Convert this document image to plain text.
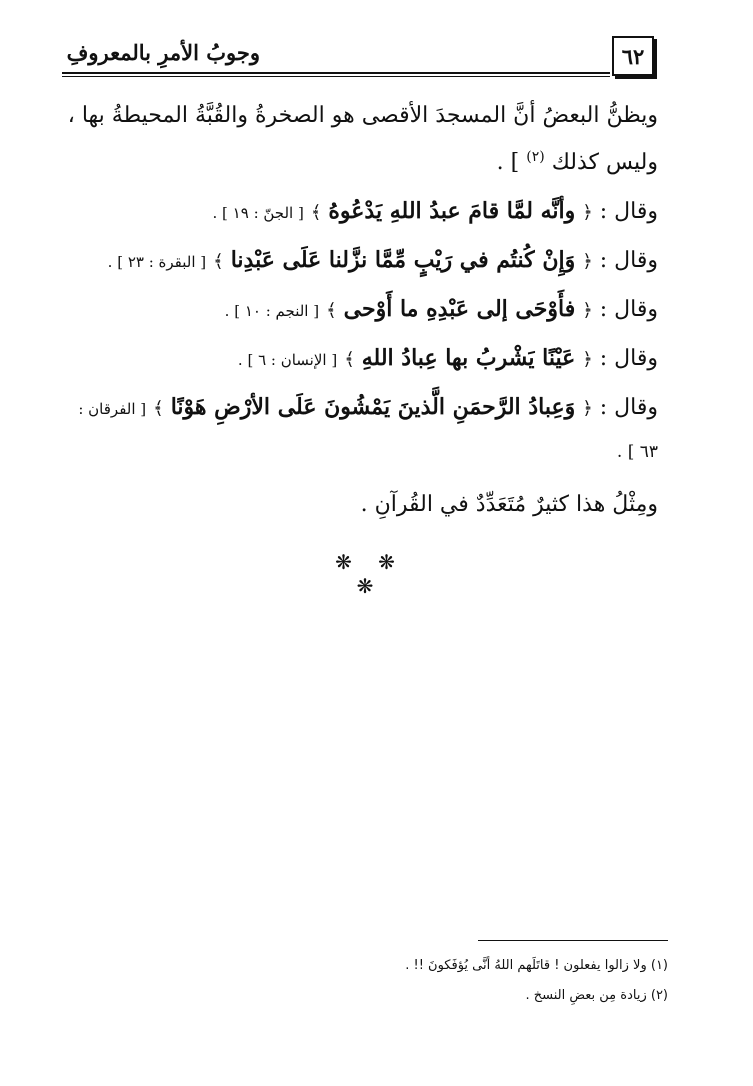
٦٢
وجوبُ الأمرِ بالمعروفِ
ويظنُّ البعضُ أنَّ المسجدَ الأقصى هو الصخرةُ والقُبَّةُ المحيطةُ بها ،
وليس كذلك $^{(٢)}$ ] .
وقال : ﴿ وأنَّه لمَّا قامَ عبدُ اللهِ يَدْعُوهُ ﴾ [ الجنّ : ١٩ ] .
وقال : ﴿ وَإِنْ كُنتُم في رَيْبٍ مِّمَّا نزَّلنا عَلَى عَبْدِنا ﴾ [ البقرة : ٢٣ ] .
وقال : ﴿ فأَوْحَى إلى عَبْدِهِ ما أَوْحى ﴾ [ النجم : ١٠ ] .
وقال : ﴿ عَيْنًا يَشْربُ بها عِبادُ اللهِ ﴾ [ الإنسان : ٦ ] .
وقال : ﴿ وَعِبادُ الرَّحمَنِ الَّذينَ يَمْشُونَ عَلَى الأرْضِ هَوْنًا ﴾ [ الفرقان :
٦٣ ] .
ومِثْلُ هذا كثيرٌ مُتَعَدِّدٌ في القُرآنِ .
❋ ❋ ❋
(١) ولا زالوا يفعلون ! قاتَلَهم اللهُ أنَّى يُؤفَكونَ !! .
(٢) زيادة مِن بعضِ النسخ .
